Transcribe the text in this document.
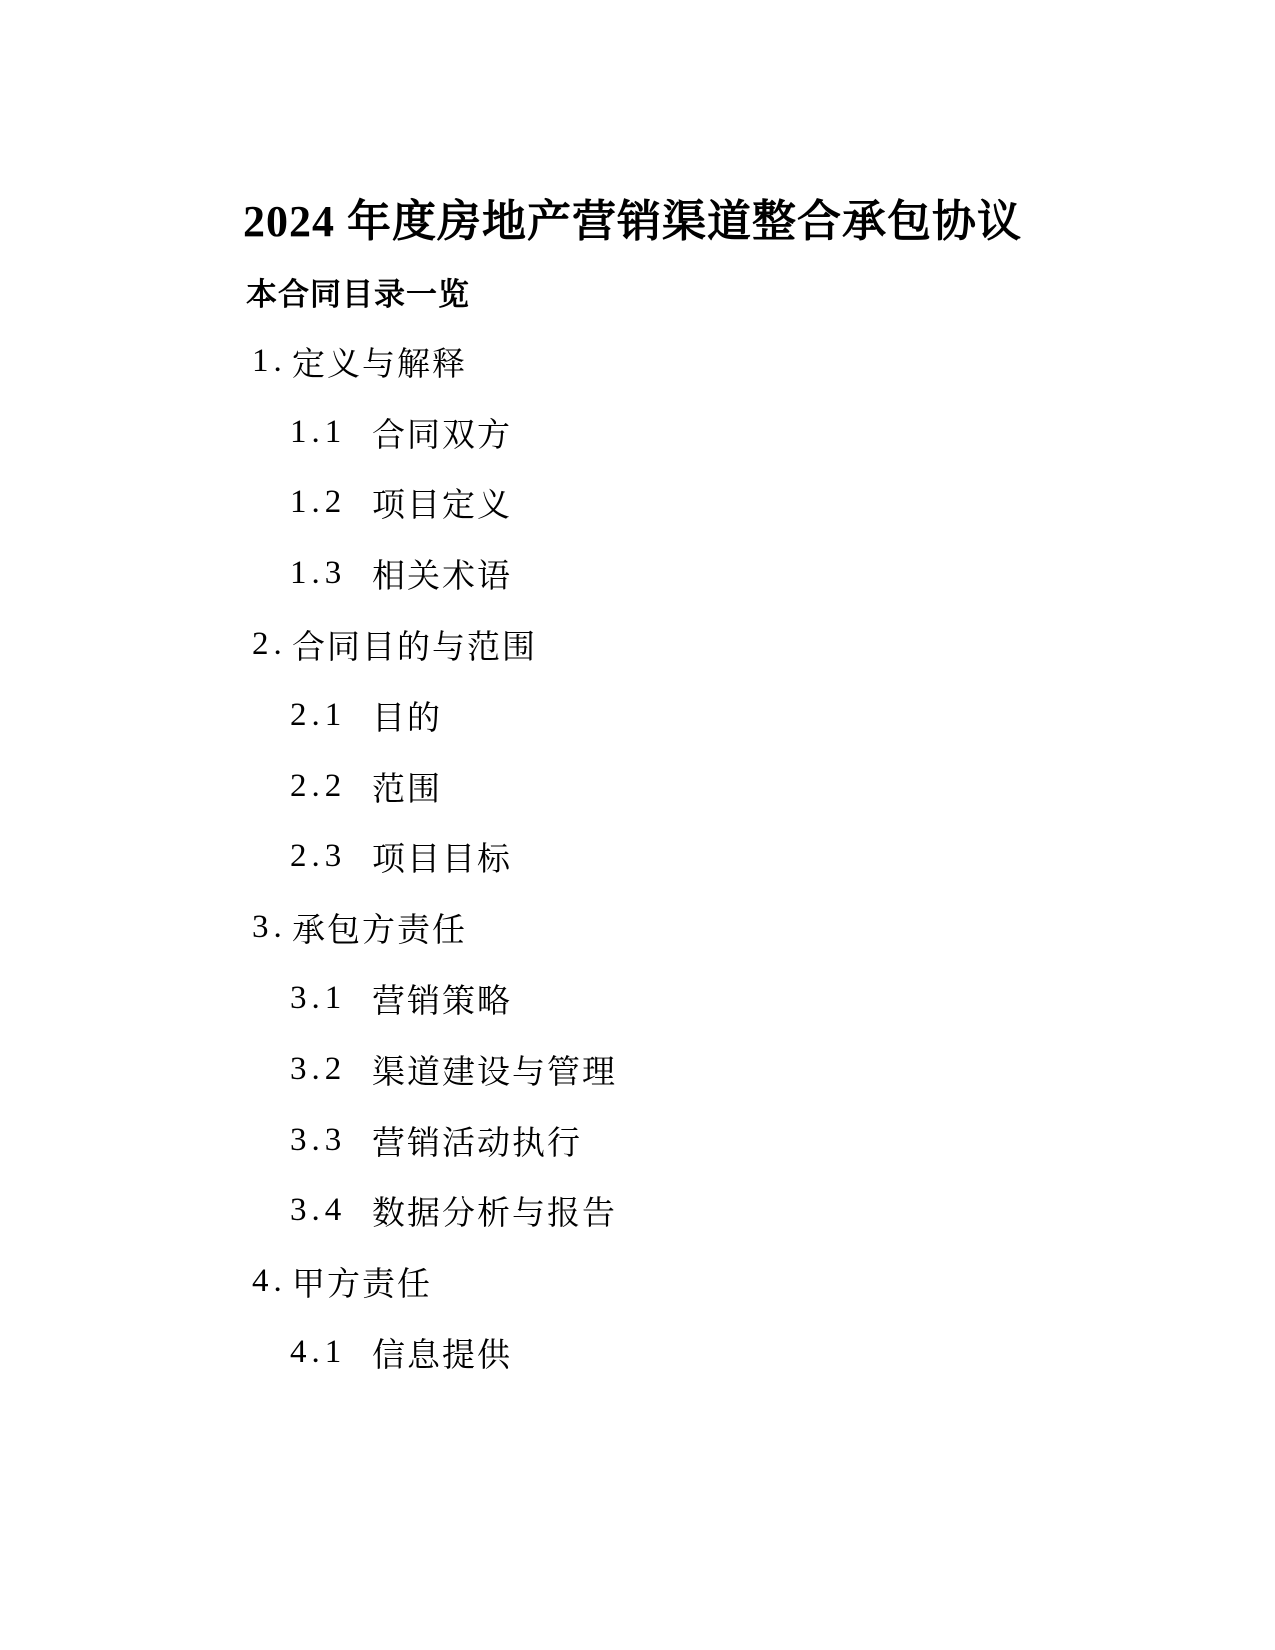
2024 年度房地产营销渠道整合承包协议
本合同目录一览
1. 定义与解释
1.1 合同双方
1.2 项目定义
1.3 相关术语
2. 合同目的与范围
2.1 目的
2.2 范围
2.3 项目目标
3. 承包方责任
3.1 营销策略
3.2 渠道建设与管理
3.3 营销活动执行
3.4 数据分析与报告
4. 甲方责任
4.1 信息提供
